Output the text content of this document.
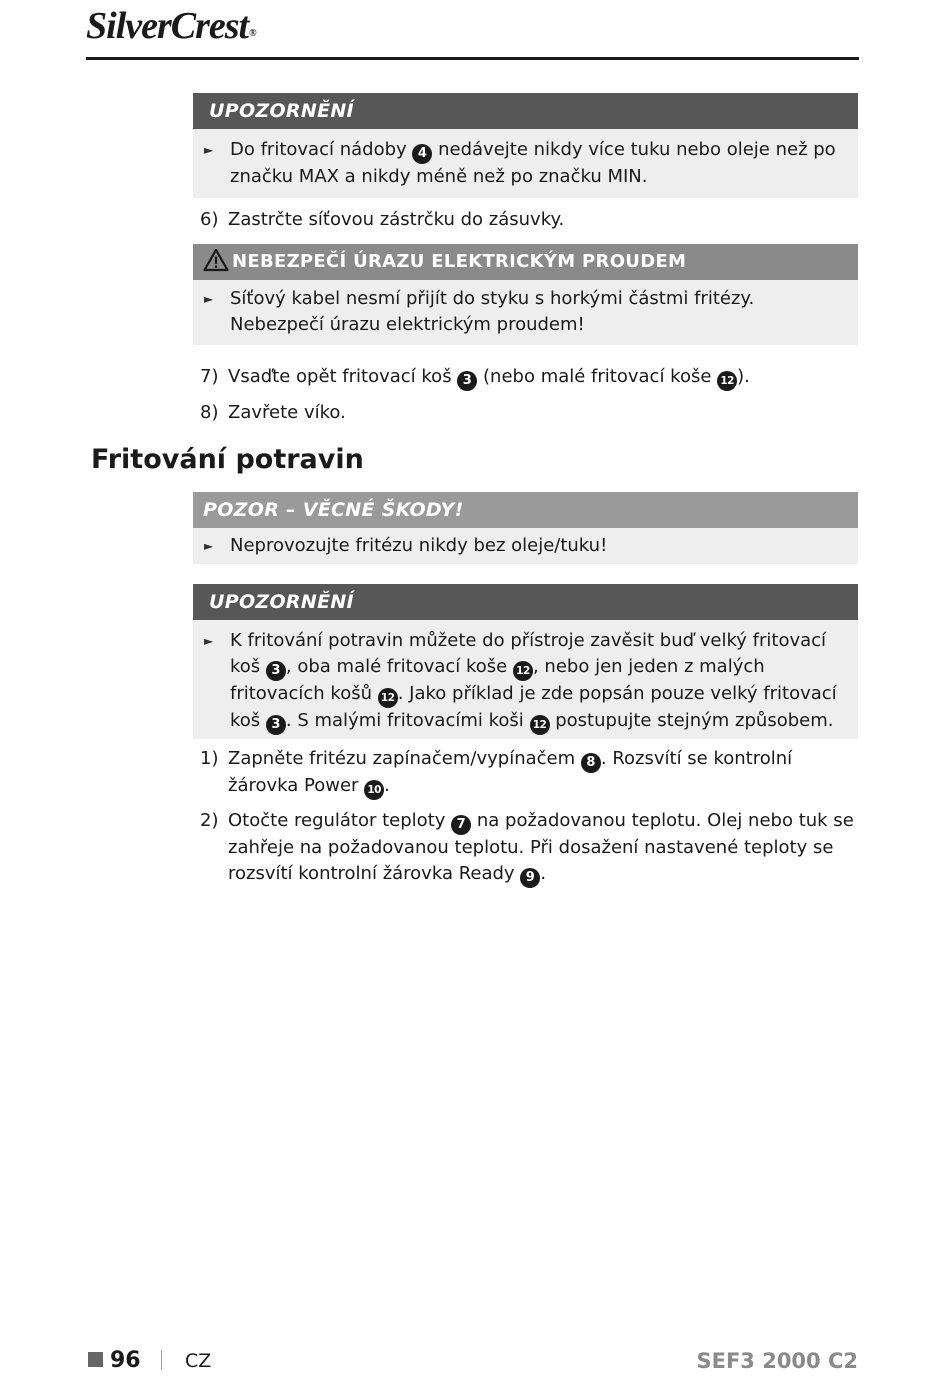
SilverCrest®
UPOZORNĚNÍ
► Do fritovací nádoby 4 nedávejte nikdy více tuku nebo oleje než po značku MAX a nikdy méně než po značku MIN.
6) Zastrčte síťovou zástrčku do zásuvky.
NEBEZPEČÍ ÚRAZU ELEKTRICKÝM PROUDEM
► Síťový kabel nesmí přijít do styku s horkými částmi fritézy. Nebezpečí úrazu elektrickým proudem!
7) Vsaďte opět fritovací koš 3 (nebo malé fritovací koše 12 ).
8) Zavřete víko.
Fritování potravin
POZOR – VĚCNÉ ŠKODY!
► Neprovozujte fritézu nikdy bez oleje/tuku!
UPOZORNĚNÍ
► K fritování potravin můžete do přístroje zavěsit buď velký fritovací koš 3 , oba malé fritovací koše 12 , nebo jen jeden z malých fritovacích košů 12 . Jako příklad je zde popsán pouze velký fritovací koš 3 . S malými fritovacími koši 12 postupujte stejným způsobem.
1) Zapněte fritézu zapínačem/vypínačem 8 . Rozsvítí se kontrolní žárovka Power 10 .
2) Otočte regulátor teploty 7 na požadovanou teplotu. Olej nebo tuk se zahřeje na požadovanou teplotu. Při dosažení nastavené teploty se rozsvítí kontrolní žárovka Ready 9 .
96 CZ	SEF3 2000 C2
